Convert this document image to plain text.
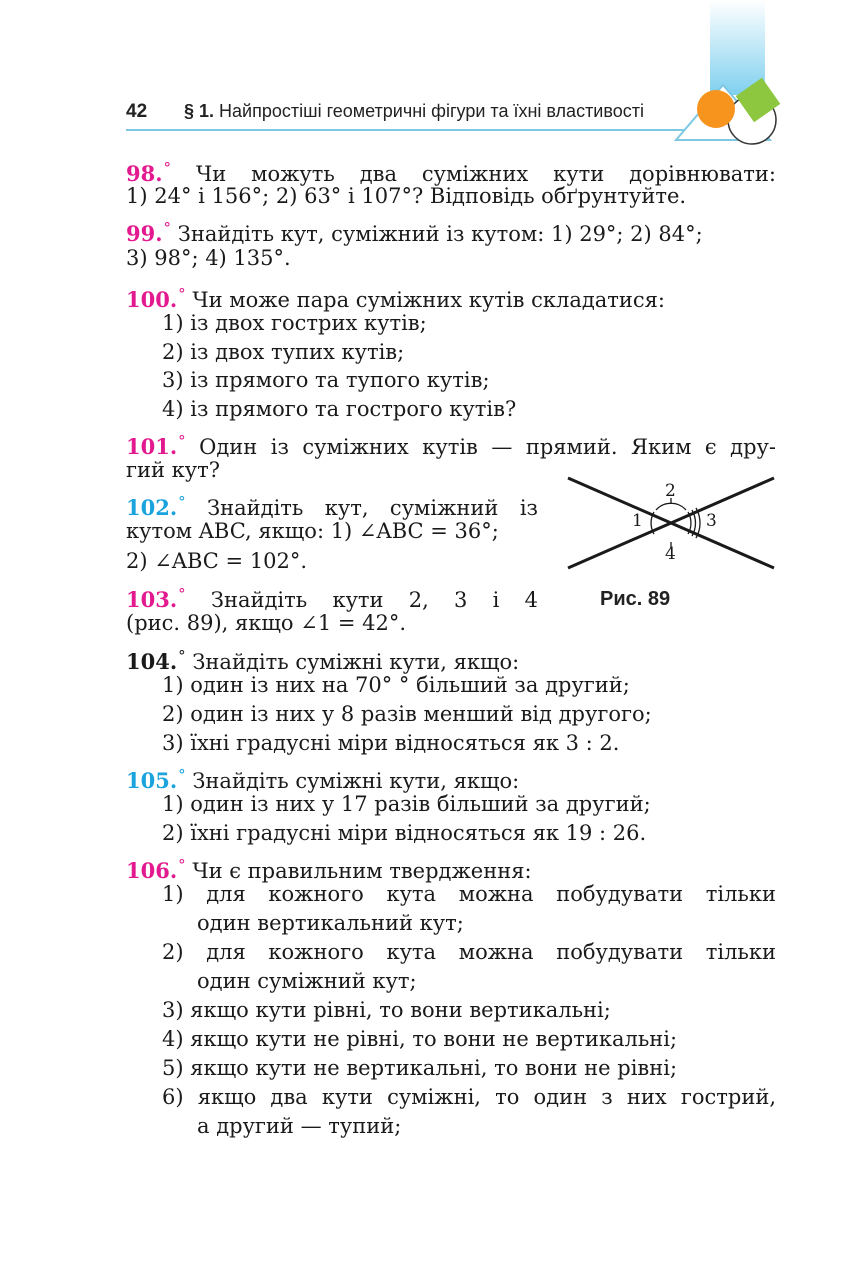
42 § 1. Найпростіші геометричні фігури та їхні властивості
98.° Чи можуть два суміжних кути дорівнювати:
1) 24° і 156°; 2) 63° і 107°? Відповідь обґрунтуйте.
99.° Знайдіть кут, суміжний із кутом: 1) 29°; 2) 84°;
3) 98°; 4) 135°.
100.° Чи може пара суміжних кутів складатися:
1) із двох гострих кутів;
2) із двох тупих кутів;
3) із прямого та тупого кутів;
4) із прямого та гострого кутів?
101.° Один із суміжних кутів — прямий. Яким є дру-
гий кут?
102.° Знайдіть кут, суміжний із
кутом ABC, якщо: 1) ∠ABC = 36°;
2) ∠ABC = 102°.
103.° Знайдіть кути 2, 3 і 4
(рис. 89), якщо ∠1 = 42°.
2
1	3
4
Рис. 89
104.° Знайдіть суміжні кути, якщо:
1) один із них на 70° ° більший за другий;
2) один із них у 8 разів менший від другого;
3) їхні градусні міри відносяться як 3 : 2.
105.° Знайдіть суміжні кути, якщо:
1) один із них у 17 разів більший за другий;
2) їхні градусні міри відносяться як 19 : 26.
106.° Чи є правильним твердження:
1) для кожного кута можна побудувати тільки
один вертикальний кут;
2) для кожного кута можна побудувати тільки
один суміжний кут;
3) якщо кути рівні, то вони вертикальні;
4) якщо кути не рівні, то вони не вертикальні;
5) якщо кути не вертикальні, то вони не рівні;
6) якщо два кути суміжні, то один з них гострий,
а другий — тупий;
